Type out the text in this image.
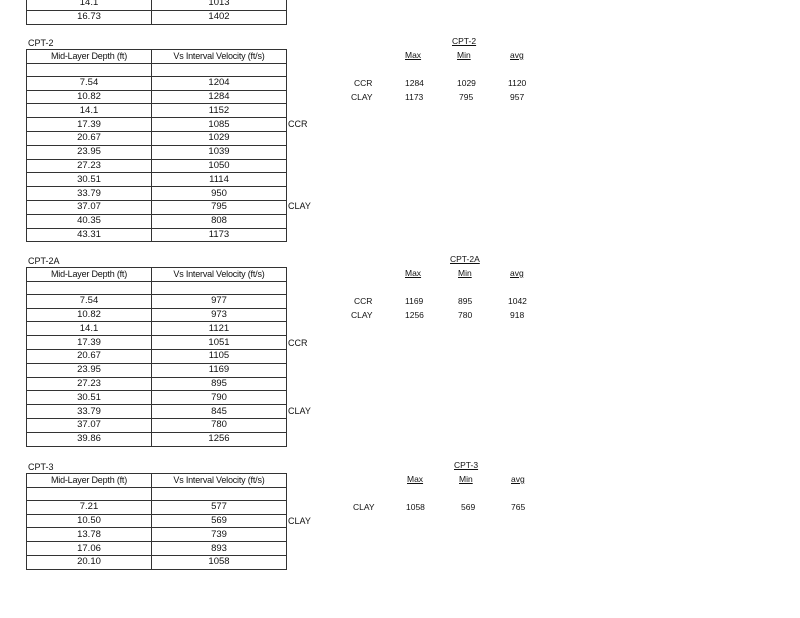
14.1	1013
16.73	1402
CPT-2
Mid-Layer Depth (ft)	Vs Interval Velocity (ft/s)

7.54	1204
10.82	1284
14.1	1152
17.39	1085
20.67	1029
23.95	1039
27.23	1050
30.51	1114
33.79	950
37.07	795
40.35	808
43.31	1173
CCR
CLAY
CPT-2
Max	Min	avg
CCR	1284	1029	1120
CLAY	1173	795	957
CPT-2A
Mid-Layer Depth (ft)	Vs Interval Velocity (ft/s)

7.54	977
10.82	973
14.1	1121
17.39	1051
20.67	1105
23.95	1169
27.23	895
30.51	790
33.79	845
37.07	780
39.86	1256
CCR
CLAY
CPT-2A
Max	Min	avg
CCR	1169	895	1042
CLAY	1256	780	918
CPT-3
Mid-Layer Depth (ft)	Vs Interval Velocity (ft/s)

7.21	577
10.50	569
13.78	739
17.06	893
20.10	1058
CLAY
CPT-3
Max	Min	avg
CLAY	1058	569	765
